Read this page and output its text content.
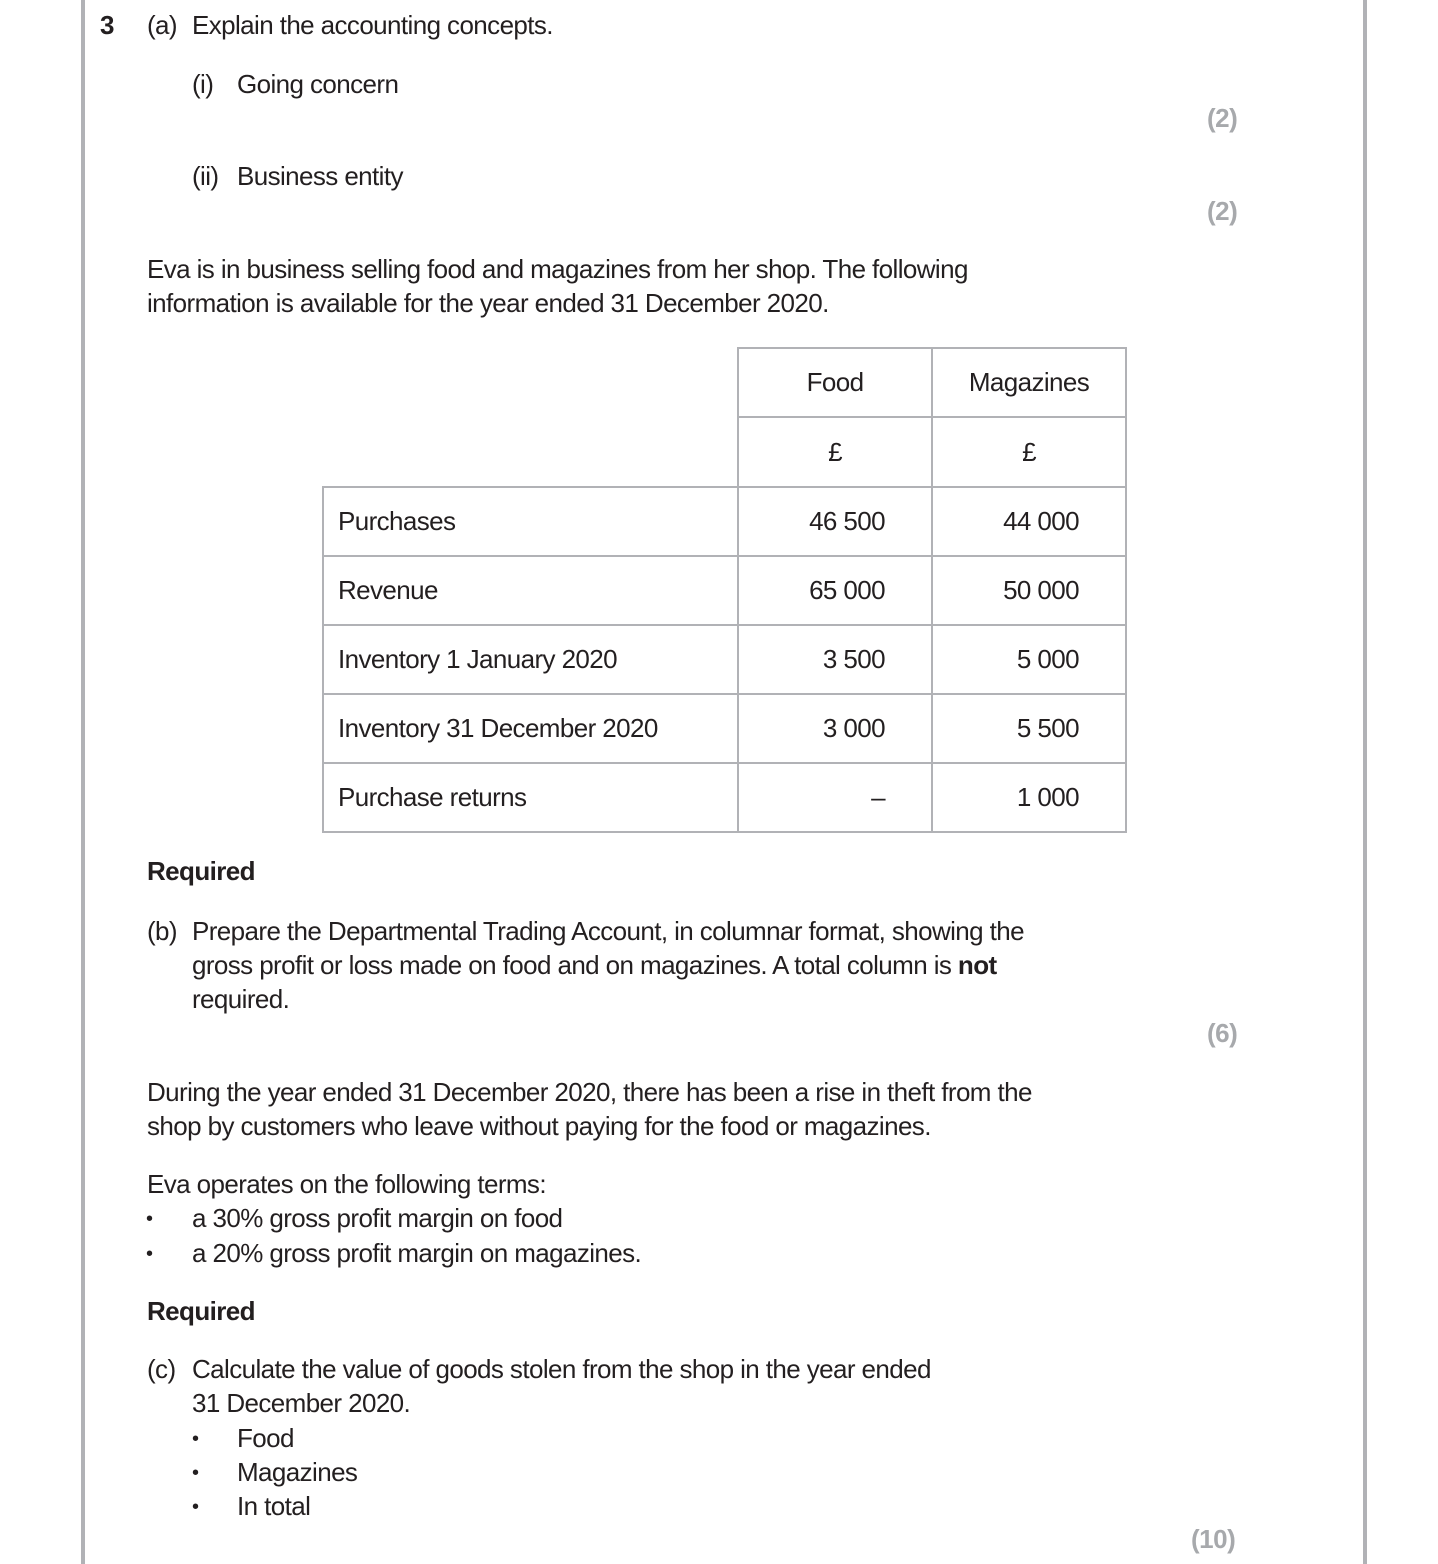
3 (a) Explain the accounting concepts.
(i) Going concern
(2)
(ii) Business entity
(2)
Eva is in business selling food and magazines from her shop. The following
information is available for the year ended 31 December 2020.
	Food	Magazines
	£	£
Purchases	46 500	44 000
Revenue	65 000	50 000
Inventory 1 January 2020	3 500	5 000
Inventory 31 December 2020	3 000	5 500
Purchase returns	–	1 000
Required
(b) Prepare the Departmental Trading Account, in columnar format, showing the
gross profit or loss made on food and on magazines. A total column is not
required.
(6)
During the year ended 31 December 2020, there has been a rise in theft from the
shop by customers who leave without paying for the food or magazines.
Eva operates on the following terms:
• a 30% gross profit margin on food
• a 20% gross profit margin on magazines.
Required
(c) Calculate the value of goods stolen from the shop in the year ended
31 December 2020.
• Food
• Magazines
• In total
(10)
